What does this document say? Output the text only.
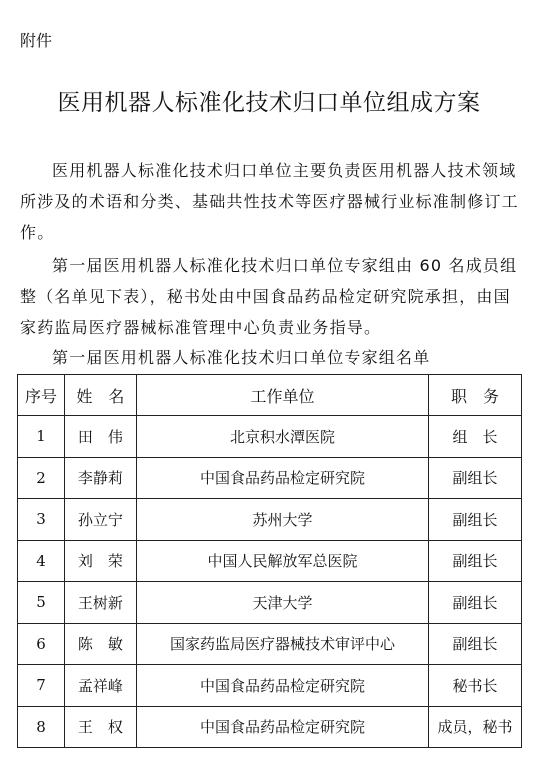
附件
医用机器人标准化技术归口单位组成方案

医用机器人标准化技术归口单位主要负责医用机器人技术领域所涉及的术语和分类、基础共性技术等医疗器械行业标准制修订工作。

第一届医用机器人标准化技术归口单位专家组由 60 名成员组整（名单见下表），秘书处由中国食品药品检定研究院承担，由国家药监局医疗器械标准管理中心负责业务指导。

第一届医用机器人标准化技术归口单位专家组名单
序号	姓　名	工作单位	职　务
1	田　伟	北京积水潭医院	组　长
2	李静莉	中国食品药品检定研究院	副组长
3	孙立宁	苏州大学	副组长
4	刘　荣	中国人民解放军总医院	副组长
5	王树新	天津大学	副组长
6	陈　敏	国家药监局医疗器械技术审评中心	副组长
7	孟祥峰	中国食品药品检定研究院	秘书长
8	王　权	中国食品药品检定研究院	成员，秘书
